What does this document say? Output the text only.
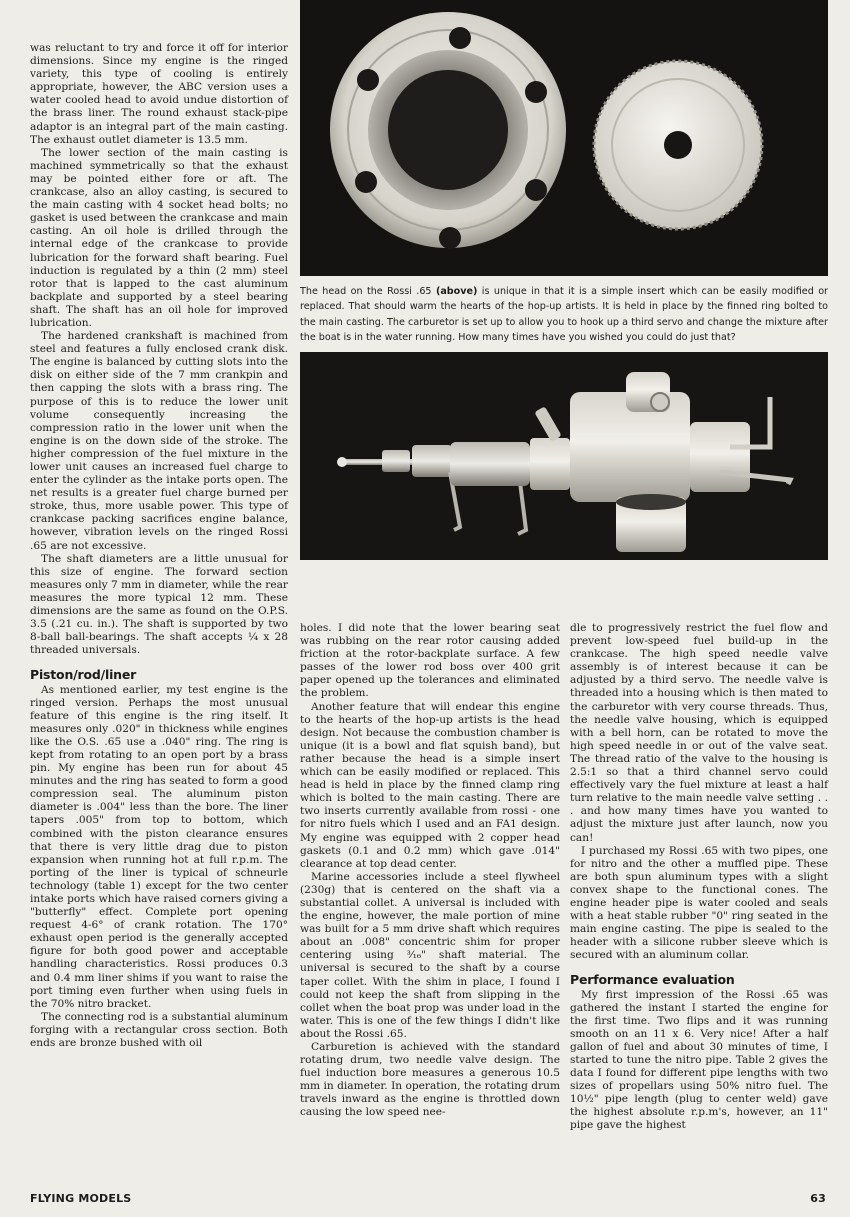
was reluctant to try and force it off for interior dimensions. Since my engine is the ringed variety, this type of cooling is entirely appropriate, however, the ABC version uses a water cooled head to avoid undue distortion of the brass liner. The round exhaust stack-pipe adaptor is an integral part of the main casting. The exhaust outlet diameter is 13.5 mm.

The lower section of the main casting is machined symmetrically so that the exhaust may be pointed either fore or aft. The crankcase, also an alloy casting, is secured to the main casting with 4 socket head bolts; no gasket is used between the crankcase and main casting. An oil hole is drilled through the internal edge of the crankcase to provide lubrication for the forward shaft bearing. Fuel induction is regulated by a thin (2 mm) steel rotor that is lapped to the cast aluminum backplate and supported by a steel bearing shaft. The shaft has an oil hole for improved lubrication.

The hardened crankshaft is machined from steel and features a fully enclosed crank disk. The engine is balanced by cutting slots into the disk on either side of the 7 mm crankpin and then capping the slots with a brass ring. The purpose of this is to reduce the lower unit volume consequently increasing the compression ratio in the lower unit when the engine is on the down side of the stroke. The higher compression of the fuel mixture in the lower unit causes an increased fuel charge to enter the cylinder as the intake ports open. The net results is a greater fuel charge burned per stroke, thus, more usable power. This type of crankcase packing sacrifices engine balance, however, vibration levels on the ringed Rossi .65 are not excessive.

The shaft diameters are a little unusual for this size of engine. The forward section measures only 7 mm in diameter, while the rear measures the more typical 12 mm. These dimensions are the same as found on the O.P.S. 3.5 (.21 cu. in.). The shaft is supported by two 8-ball ball-bearings. The shaft accepts ¼ x 28 threaded universals.

Piston/rod/liner

As mentioned earlier, my test engine is the ringed version. Perhaps the most unusual feature of this engine is the ring itself. It measures only .020" in thickness while engines like the O.S. .65 use a .040" ring. The ring is kept from rotating to an open port by a brass pin. My engine has been run for about 45 minutes and the ring has seated to form a good compression seal. The aluminum piston diameter is .004" less than the bore. The liner tapers .005" from top to bottom, which combined with the piston clearance ensures that there is very little drag due to piston expansion when running hot at full r.p.m. The porting of the liner is typical of schneurle technology (table 1) except for the two center intake ports which have raised corners giving a "butterfly" effect. Complete port opening request 4-6° of crank rotation. The 170° exhaust open period is the generally accepted figure for both good power and acceptable handling characteristics. Rossi produces 0.3 and 0.4 mm liner shims if you want to raise the port timing even further when using fuels in the 70% nitro bracket.

The connecting rod is a substantial aluminum forging with a rectangular cross section. Both ends are bronze bushed with oil

The head on the Rossi .65 (above) is unique in that it is a simple insert which can be easily modified or replaced. That should warm the hearts of the hop-up artists. It is held in place by the finned ring bolted to the main casting. The carburetor is set up to allow you to hook up a third servo and change the mixture after the boat is in the water running. How many times have you wished you could do just that?

holes. I did note that the lower bearing seat was rubbing on the rear rotor causing added friction at the rotor-backplate surface. A few passes of the lower rod boss over 400 grit paper opened up the tolerances and eliminated the problem.

Another feature that will endear this engine to the hearts of the hop-up artists is the head design. Not because the combustion chamber is unique (it is a bowl and flat squish band), but rather because the head is a simple insert which can be easily modified or replaced. This head is held in place by the finned clamp ring which is bolted to the main casting. There are two inserts currently available from rossi - one for nitro fuels which I used and an FA1 design. My engine was equipped with 2 copper head gaskets (0.1 and 0.2 mm) which gave .014" clearance at top dead center.

Marine accessories include a steel flywheel (230g) that is centered on the shaft via a substantial collet. A universal is included with the engine, however, the male portion of mine was built for a 5 mm drive shaft which requires about an .008" concentric shim for proper centering using ³⁄₁₆" shaft material. The universal is secured to the shaft by a course taper collet. With the shim in place, I found I could not keep the shaft from slipping in the collet when the boat prop was under load in the water. This is one of the few things I didn't like about the Rossi .65.

Carburetion is achieved with the standard rotating drum, two needle valve design. The fuel induction bore measures a generous 10.5 mm in diameter. In operation, the rotating drum travels inward as the engine is throttled down causing the low speed nee-

dle to progressively restrict the fuel flow and prevent low-speed fuel build-up in the crankcase. The high speed needle valve assembly is of interest because it can be adjusted by a third servo. The needle valve is threaded into a housing which is then mated to the carburetor with very course threads. Thus, the needle valve housing, which is equipped with a bell horn, can be rotated to move the high speed needle in or out of the valve seat. The thread ratio of the valve to the housing is 2.5:1 so that a third channel servo could effectively vary the fuel mixture at least a half turn relative to the main needle valve setting . . . and how many times have you wanted to adjust the mixture just after launch, now you can!

I purchased my Rossi .65 with two pipes, one for nitro and the other a muffled pipe. These are both spun aluminum types with a slight convex shape to the functional cones. The engine header pipe is water cooled and seals with a heat stable rubber "0" ring seated in the main engine casting. The pipe is sealed to the header with a silicone rubber sleeve which is secured with an aluminum collar.

Performance evaluation

My first impression of the Rossi .65 was gathered the instant I started the engine for the first time. Two flips and it was running smooth on an 11 x 6. Very nice! After a half gallon of fuel and about 30 minutes of time, I started to tune the nitro pipe. Table 2 gives the data I found for different pipe lengths with two sizes of propellars using 50% nitro fuel. The 10½" pipe length (plug to center weld) gave the highest absolute r.p.m's, however, an 11" pipe gave the highest

FLYING MODELS	63
